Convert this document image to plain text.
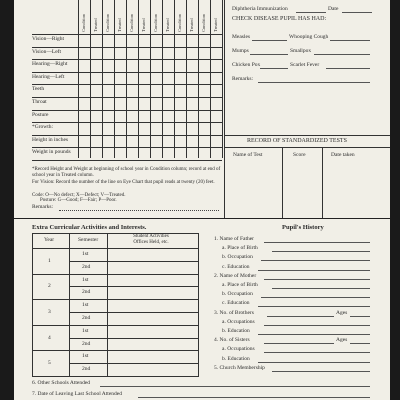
Condition Treated Condition Treated Condition Treated Condition Treated Condition Treated Condition Treated
Vision—Right
Vision—Left
Hearing—Right
Hearing—Left
Teeth
Throat
Posture
*Growth:
Height in inches
Weight in pounds
*Record Height and Weight at beginning of school year in Condition column; record at end of school year in Treated column.
For Vision: Record the number of the line on Eye Chart that pupil reads at twenty (20) feet.
Code: O—No defect; X—Defect; V—Treated.
Posture: G—Good; F—Fair; P—Poor.
Remarks:
Diphtheria Immunization	Date
CHECK DISEASE PUPIL HAS HAD:
Measles	Whooping Cough
Mumps	Smallpox
Chicken Pox	Scarlet Fever
Remarks:
RECORD OF STANDARDIZED TESTS
Name of Test	Score	Date taken
Extra Curricular Activities and Interests.
Year	Semester
Student Activities
Offices Held, etc.
1
1st
2nd
2
1st
2nd
3
1st
2nd
4
1st
2nd
5
1st
2nd
Pupil's History
1. Name of Father
a. Place of Birth
b. Occupation
c. Education
2. Name of Mother
a. Place of Birth
b. Occupation
c. Education
3. No. of Brothers	Ages
a. Occupations
b. Education
4. No. of Sisters	Ages
a. Occupations
b. Education
5. Church Membership
6. Other Schools Attended
7. Date of Leaving Last School Attended
